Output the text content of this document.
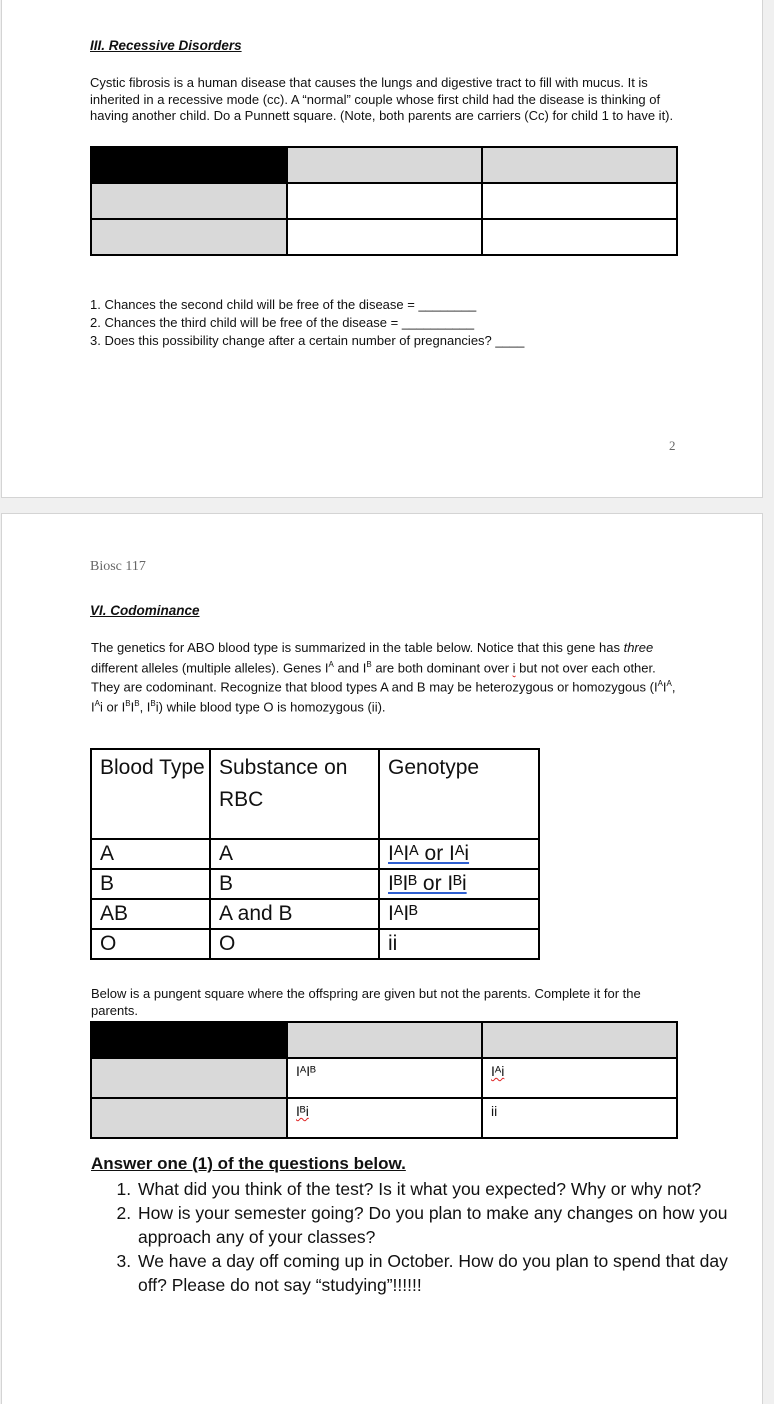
III. Recessive Disorders
Cystic fibrosis is a human disease that causes the lungs and digestive tract to fill with mucus. It is inherited in a recessive mode (cc). A “normal” couple whose first child had the disease is thinking of having another child. Do a Punnett square. (Note, both parents are carriers (Cc) for child 1 to have it).

1. Chances the second child will be free of the disease = ________
2. Chances the third child will be free of the disease = __________
3. Does this possibility change after a certain number of pregnancies? ____
2
Biosc 117
VI. Codominance
The genetics for ABO blood type is summarized in the table below. Notice that this gene has three different alleles (multiple alleles). Genes $I^A$ and $I^B$ are both dominant over i but not over each other. They are codominant. Recognize that blood types A and B may be heterozygous or homozygous ($I^AI^A$, $I^Ai$ or $I^BI^B$, $I^Bi$) while blood type O is homozygous (ii).
Blood Type	Substance on RBC	Genotype
A	A	IᴬIᴬ or Iᴬi
B	B	IᴮIᴮ or Iᴮi
AB	A and B	IᴬIᴮ
O	O	ii
Below is a pungent square where the offspring are given but not the parents. Complete it for the parents.

	IᴬIᴮ	Iᴬi
	Iᴮi	ii
Answer one (1) of the questions below.
1. What did you think of the test? Is it what you expected? Why or why not?
2. How is your semester going? Do you plan to make any changes on how you approach any of your classes?
3. We have a day off coming up in October. How do you plan to spend that day off? Please do not say “studying”!!!!!!
